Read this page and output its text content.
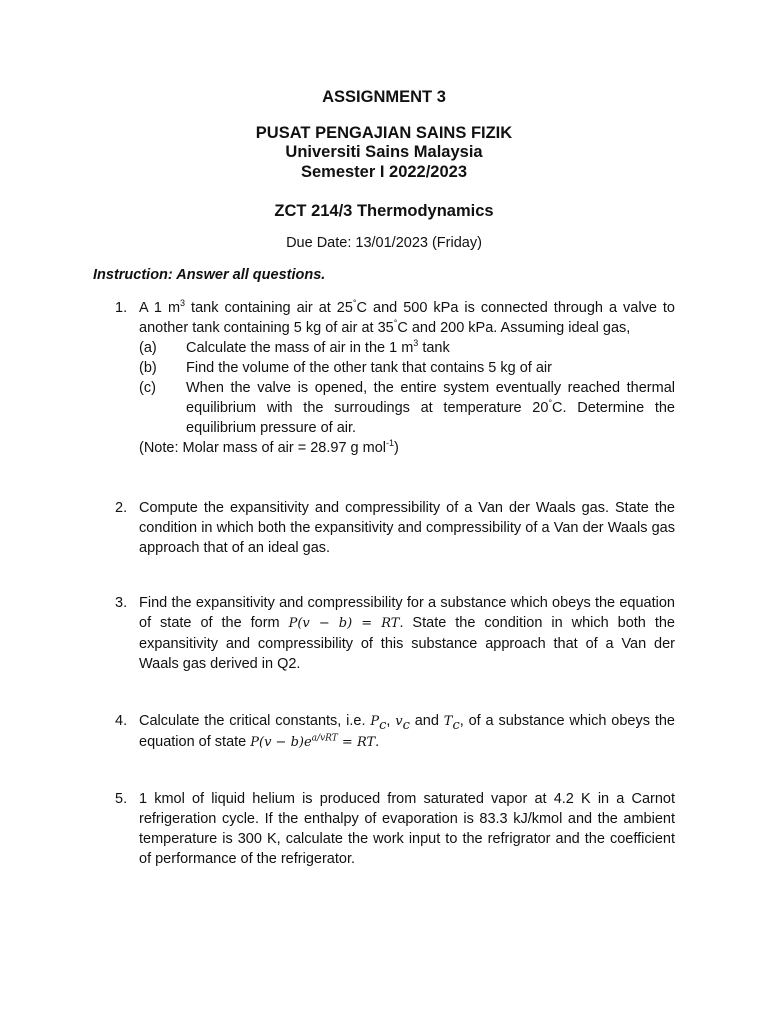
ASSIGNMENT 3
PUSAT PENGAJIAN SAINS FIZIK
Universiti Sains Malaysia
Semester I 2022/2023
ZCT 214/3 Thermodynamics
Due Date: 13/01/2023 (Friday)
Instruction: Answer all questions.
1. A 1 $m^3$ tank containing air at 25°C and 500 kPa is connected through a valve to another tank containing 5 kg of air at 35°C and 200 kPa. Assuming ideal gas,
(a) Calculate the mass of air in the 1 $m^3$ tank
(b) Find the volume of the other tank that contains 5 kg of air
(c) When the valve is opened, the entire system eventually reached thermal equilibrium with the surroudings at temperature 20°C. Determine the equilibrium pressure of air.
(Note: Molar mass of air = 28.97 g mol$^{-1}$)
2. Compute the expansitivity and compressibility of a Van der Waals gas. State the condition in which both the expansitivity and compressibility of a Van der Waals gas approach that of an ideal gas.
3. Find the expansitivity and compressibility for a substance which obeys the equation of state of the form P(v − b) = RT. State the condition in which both the expansitivity and compressibility of this substance approach that of a Van der Waals gas derived in Q2.
4. Calculate the critical constants, i.e. $P_c$, $v_c$ and $T_c$, of a substance which obeys the equation of state $P(v - b)e^{a/vRT}$ = RT.
5. 1 kmol of liquid helium is produced from saturated vapor at 4.2 K in a Carnot refrigeration cycle. If the enthalpy of evaporation is 83.3 kJ/kmol and the ambient temperature is 300 K, calculate the work input to the refrigrator and the coefficient of performance of the refrigerator.
